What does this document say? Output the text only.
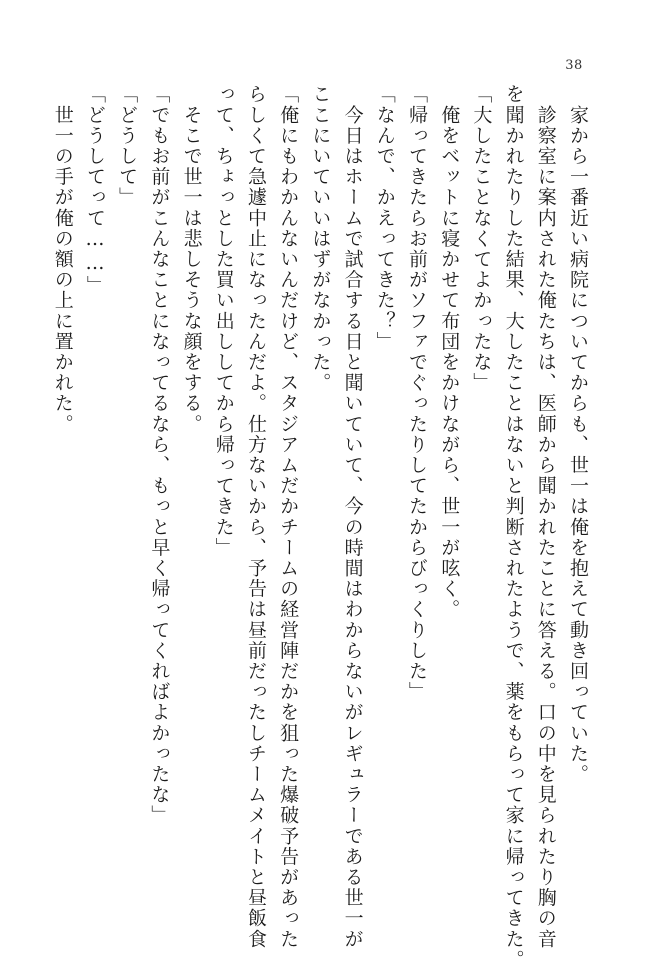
38
　家から一番近い病院についてからも、世一は俺を抱えて動き回っていた。
　診察室に案内された俺たちは、医師から聞かれたことに答える。口の中を見られたり胸の音
を聞かれたりした結果、大したことはないと判断されたようで、薬をもらって家に帰ってきた。
「大したことなくてよかったな」
　俺をベットに寝かせて布団をかけながら、世一が呟く。
「帰ってきたらお前がソファでぐったりしてたからびっくりした」
「なんで、かえってきた？」
　今日はホームで試合する日と聞いていて、今の時間はわからないがレギュラーである世一が
ここにいていいはずがなかった。
「俺にもわかんないんだけど、スタジアムだかチームの経営陣だかを狙った爆破予告があった
らしくて急遽中止になったんだよ。仕方ないから、予告は昼前だったしチームメイトと昼飯食
って、ちょっとした買い出ししてから帰ってきた」
　そこで世一は悲しそうな顔をする。
「でもお前がこんなことになってるなら、もっと早く帰ってくればよかったな」
「どうして」
「どうしてって……」
　世一の手が俺の額の上に置かれた。
